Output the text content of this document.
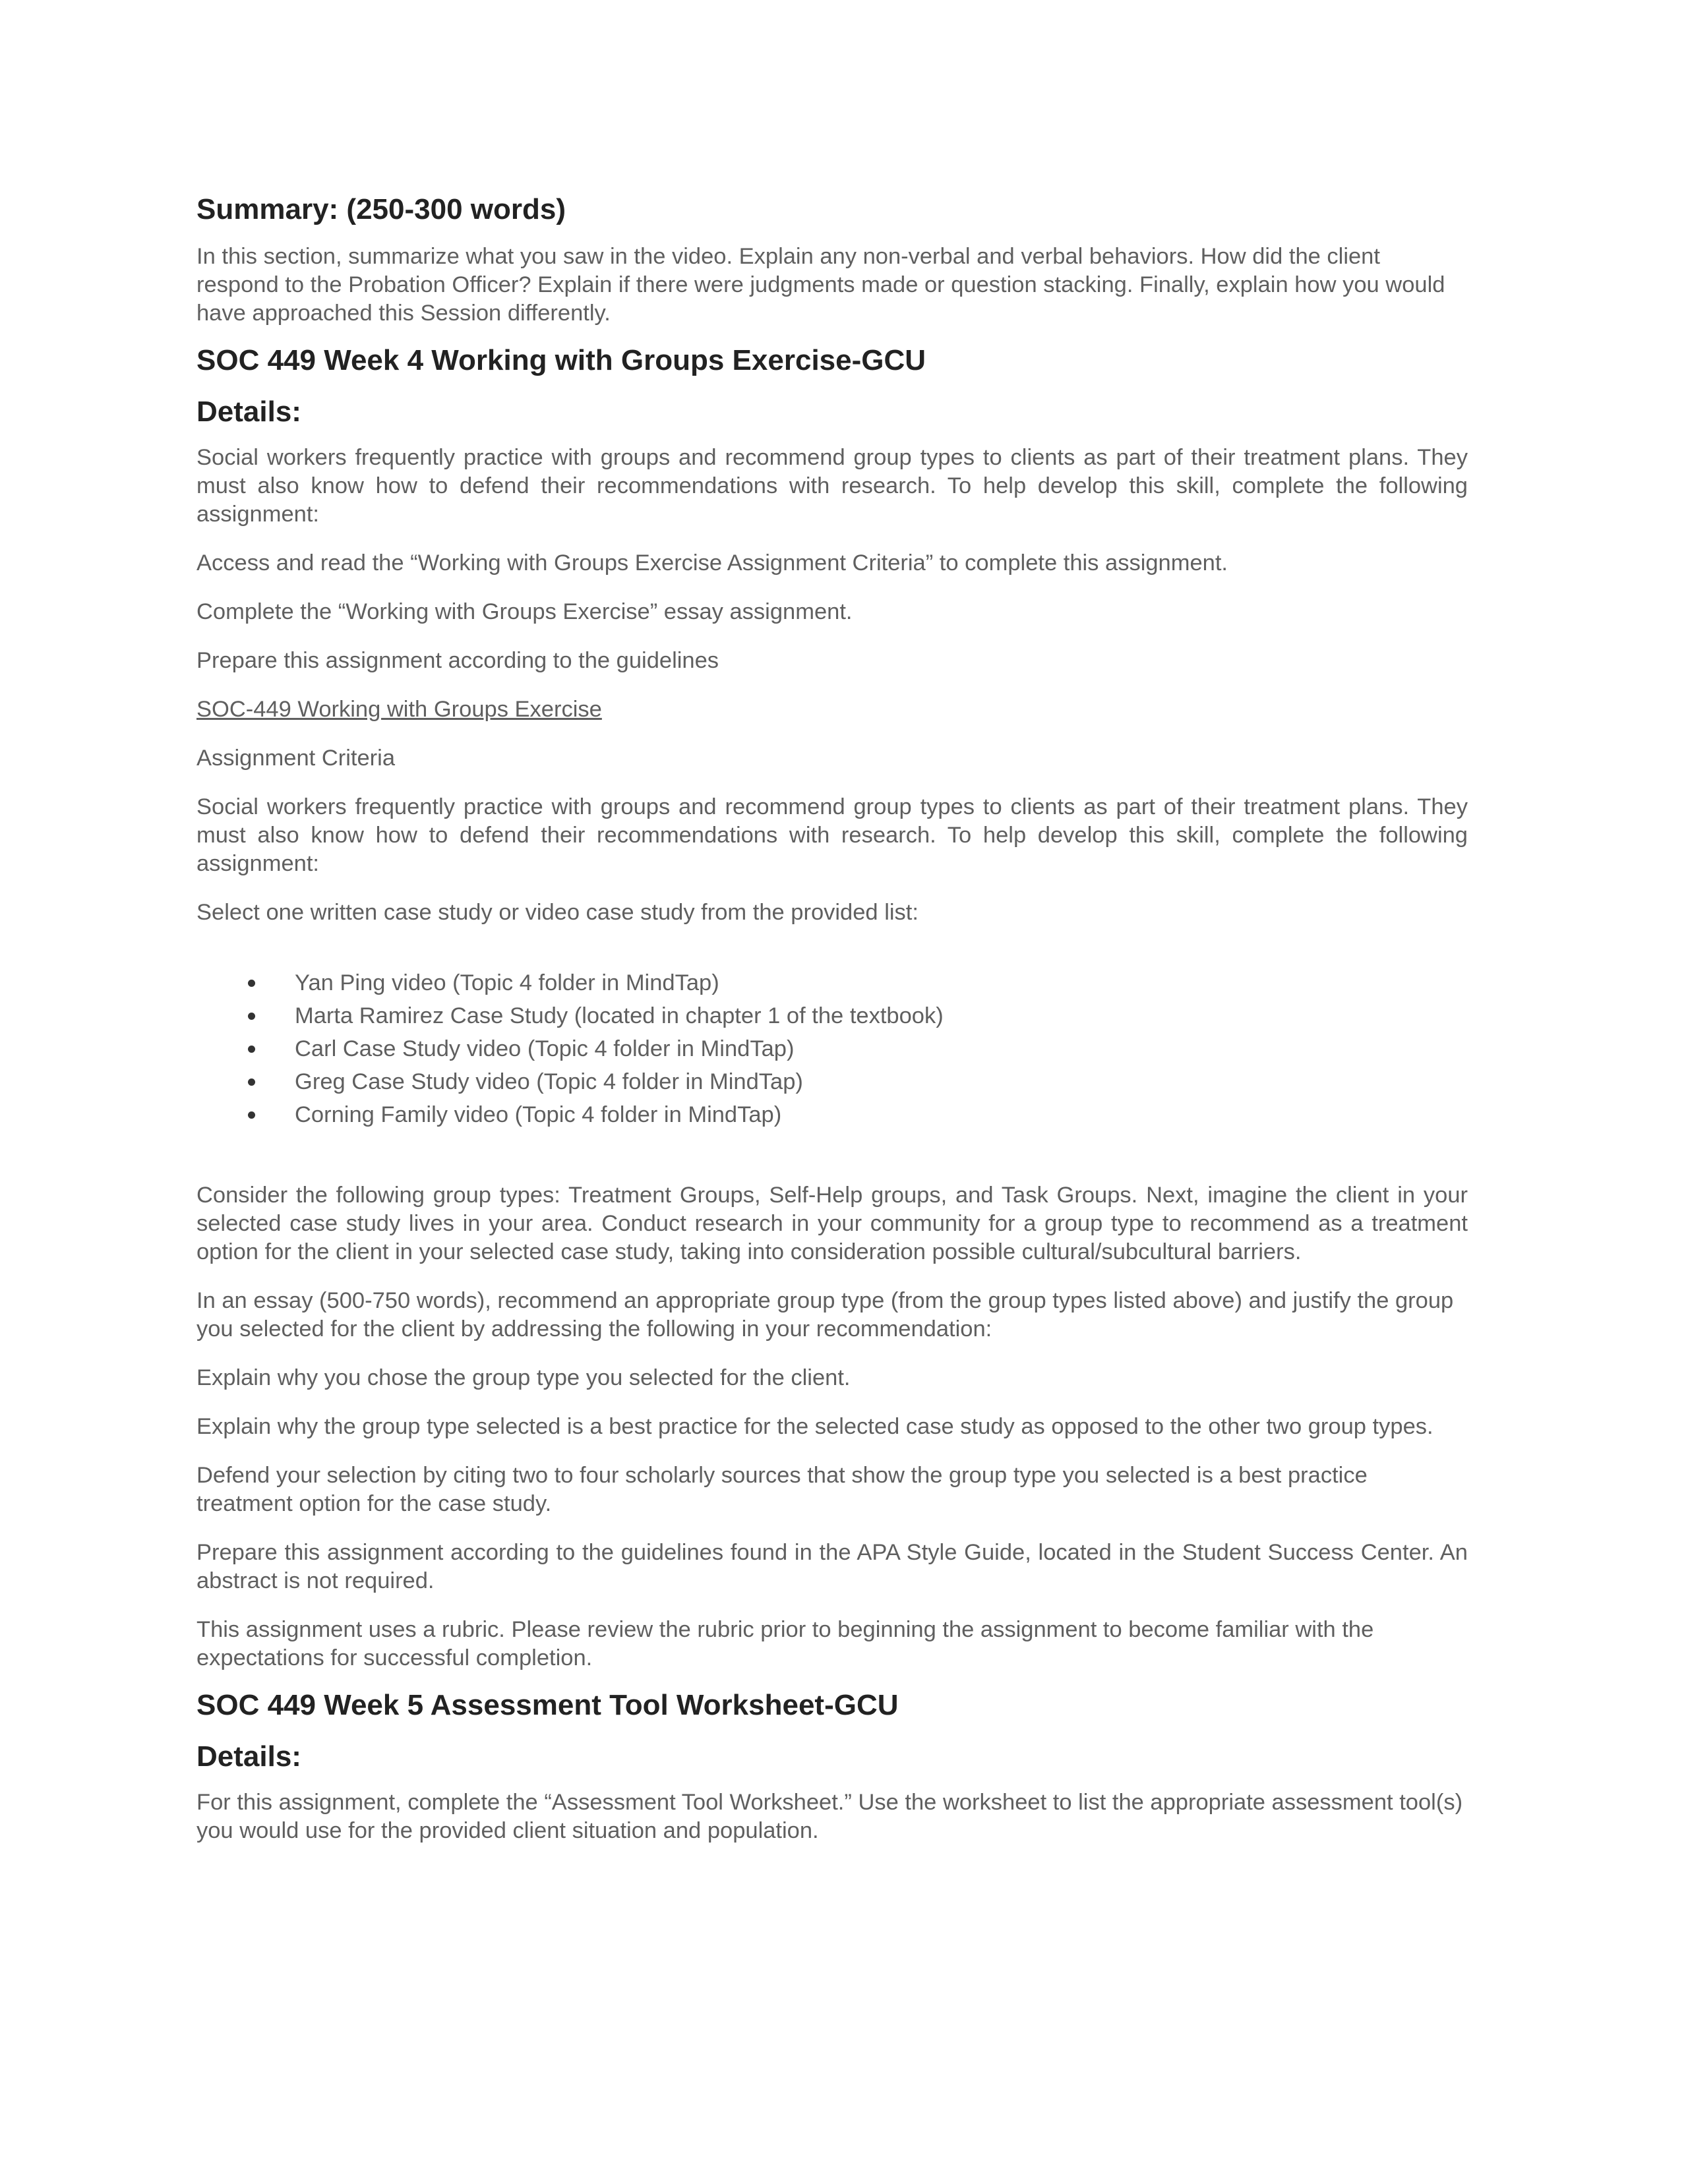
Summary: (250-300 words)

In this section, summarize what you saw in the video. Explain any non-verbal and verbal behaviors. How did the client respond to the Probation Officer? Explain if there were judgments made or question stacking. Finally, explain how you would have approached this Session differently.

SOC 449 Week 4 Working with Groups Exercise-GCU
Details:

Social workers frequently practice with groups and recommend group types to clients as part of their treatment plans. They must also know how to defend their recommendations with research. To help develop this skill, complete the following assignment:

Access and read the “Working with Groups Exercise Assignment Criteria” to complete this assignment.

Complete the “Working with Groups Exercise” essay assignment.

Prepare this assignment according to the guidelines

SOC-449 Working with Groups Exercise

Assignment Criteria

Social workers frequently practice with groups and recommend group types to clients as part of their treatment plans. They must also know how to defend their recommendations with research. To help develop this skill, complete the following assignment:

Select one written case study or video case study from the provided list:

Yan Ping video (Topic 4 folder in MindTap)
Marta Ramirez Case Study (located in chapter 1 of the textbook)
Carl Case Study video (Topic 4 folder in MindTap)
Greg Case Study video (Topic 4 folder in MindTap)
Corning Family video (Topic 4 folder in MindTap)

Consider the following group types: Treatment Groups, Self-Help groups, and Task Groups. Next, imagine the client in your selected case study lives in your area. Conduct research in your community for a group type to recommend as a treatment option for the client in your selected case study, taking into consideration possible cultural/subcultural barriers.

In an essay (500-750 words), recommend an appropriate group type (from the group types listed above) and justify the group you selected for the client by addressing the following in your recommendation:

Explain why you chose the group type you selected for the client.

Explain why the group type selected is a best practice for the selected case study as opposed to the other two group types.

Defend your selection by citing two to four scholarly sources that show the group type you selected is a best practice treatment option for the case study.

Prepare this assignment according to the guidelines found in the APA Style Guide, located in the Student Success Center. An abstract is not required.

This assignment uses a rubric. Please review the rubric prior to beginning the assignment to become familiar with the expectations for successful completion.

SOC 449 Week 5 Assessment Tool Worksheet-GCU
Details:

For this assignment, complete the “Assessment Tool Worksheet.” Use the worksheet to list the appropriate assessment tool(s) you would use for the provided client situation and population.
